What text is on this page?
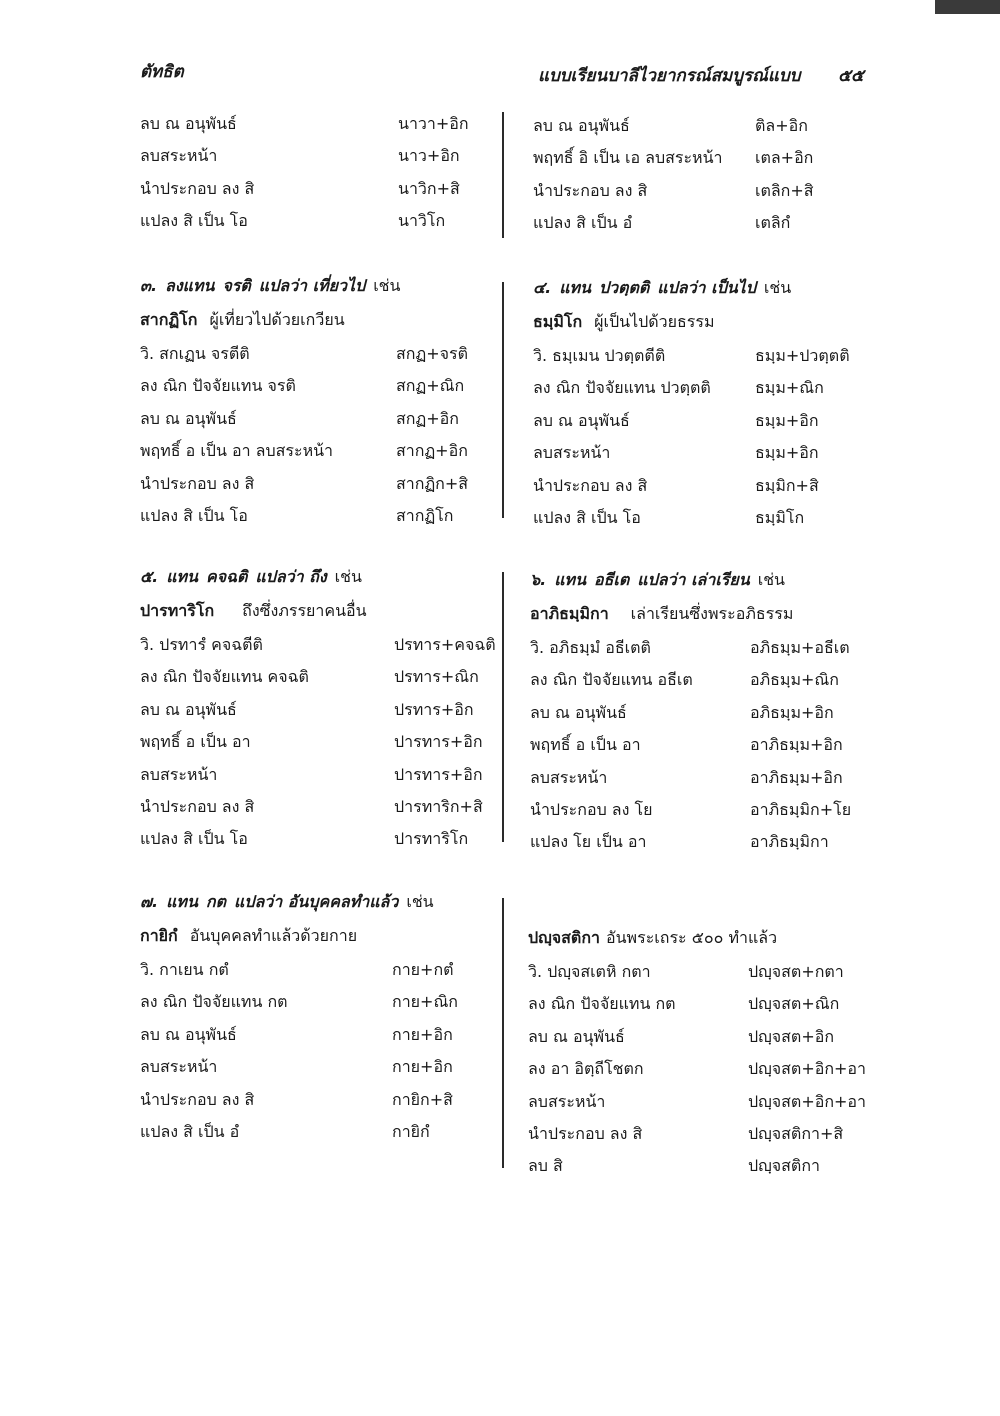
ตัทธิต	แบบเรียนบาลีไวยากรณ์สมบูรณ์แบบ ๕๕
ลบ ณ อนุพันธ์	นาวา+อิก
ลบสระหน้า	นาว+อิก
นำประกอบ ลง สิ	นาวิก+สิ
แปลง สิ เป็น โอ	นาวิโก
๓. ลงแทน จรติ แปลว่า เที่ยวไป เช่น
สากฏิโก ผู้เที่ยวไปด้วยเกวียน
วิ. สกเฏน จรตีติ	สกฏ+จรติ
ลง ณิก ปัจจัยแทน จรติ	สกฏ+ณิก
ลบ ณ อนุพันธ์	สกฏ+อิก
พฤทธิ์ อ เป็น อา ลบสระหน้า	สากฏ+อิก
นำประกอบ ลง สิ	สากฏิก+สิ
แปลง สิ เป็น โอ	สากฏิโก
๕. แทน คจฉติ แปลว่า ถึง เช่น
ปารทาริโก ถึงซึ่งภรรยาคนอื่น
วิ. ปรทารํ คจฉตีติ	ปรทาร+คจฉติ
ลง ณิก ปัจจัยแทน คจฉติ	ปรทาร+ณิก
ลบ ณ อนุพันธ์	ปรทาร+อิก
พฤทธิ์ อ เป็น อา	ปารทาร+อิก
ลบสระหน้า	ปารทาร+อิก
นำประกอบ ลง สิ	ปารทาริก+สิ
แปลง สิ เป็น โอ	ปารทาริโก
๗. แทน กต แปลว่า อันบุคคลทำแล้ว เช่น
กายิกํ อันบุคคลทำแล้วด้วยกาย
วิ. กาเยน กตํ	กาย+กตํ
ลง ณิก ปัจจัยแทน กต	กาย+ณิก
ลบ ณ อนุพันธ์	กาย+อิก
ลบสระหน้า	กาย+อิก
นำประกอบ ลง สิ	กายิก+สิ
แปลง สิ เป็น อํ	กายิกํ
ลบ ณ อนุพันธ์	ติล+อิก
พฤทธิ์ อิ เป็น เอ ลบสระหน้า เตล+อิก
นำประกอบ ลง สิ	เตลิก+สิ
แปลง สิ เป็น อํ	เตลิกํ
๔. แทน ปวตฺตติ แปลว่า เป็นไป เช่น
ธมฺมิโก ผู้เป็นไปด้วยธรรม
วิ. ธมฺเมน ปวตฺตตีติ	ธมฺม+ปวตฺตติ
ลง ณิก ปัจจัยแทน ปวตฺตติ	ธมฺม+ณิก
ลบ ณ อนุพันธ์	ธมฺม+อิก
ลบสระหน้า	ธมฺม+อิก
นำประกอบ ลง สิ	ธมฺมิก+สิ
แปลง สิ เป็น โอ	ธมฺมิโก
๖. แทน อธีเต แปลว่า เล่าเรียน เช่น
อาภิธมฺมิกา เล่าเรียนซึ่งพระอภิธรรม
วิ. อภิธมฺมํ อธีเตติ	อภิธมฺม+อธีเต
ลง ณิก ปัจจัยแทน อธีเต	อภิธมฺม+ณิก
ลบ ณ อนุพันธ์	อภิธมฺม+อิก
พฤทธิ์ อ เป็น อา	อาภิธมฺม+อิก
ลบสระหน้า	อาภิธมฺม+อิก
นำประกอบ ลง โย	อาภิธมฺมิก+โย
แปลง โย เป็น อา	อาภิธมฺมิกา
ปญฺจสติกา อันพระเถระ ๕๐๐ ทำแล้ว
วิ. ปญฺจสเตหิ กตา	ปญฺจสต+กตา
ลง ณิก ปัจจัยแทน กต	ปญฺจสต+ณิก
ลบ ณ อนุพันธ์	ปญฺจสต+อิก
ลง อา อิตฺถีโชตก	ปญฺจสต+อิก+อา
ลบสระหน้า	ปญฺจสต+อิก+อา
นำประกอบ ลง สิ	ปญฺจสติกา+สิ
ลบ สิ	ปญฺจสติกา
